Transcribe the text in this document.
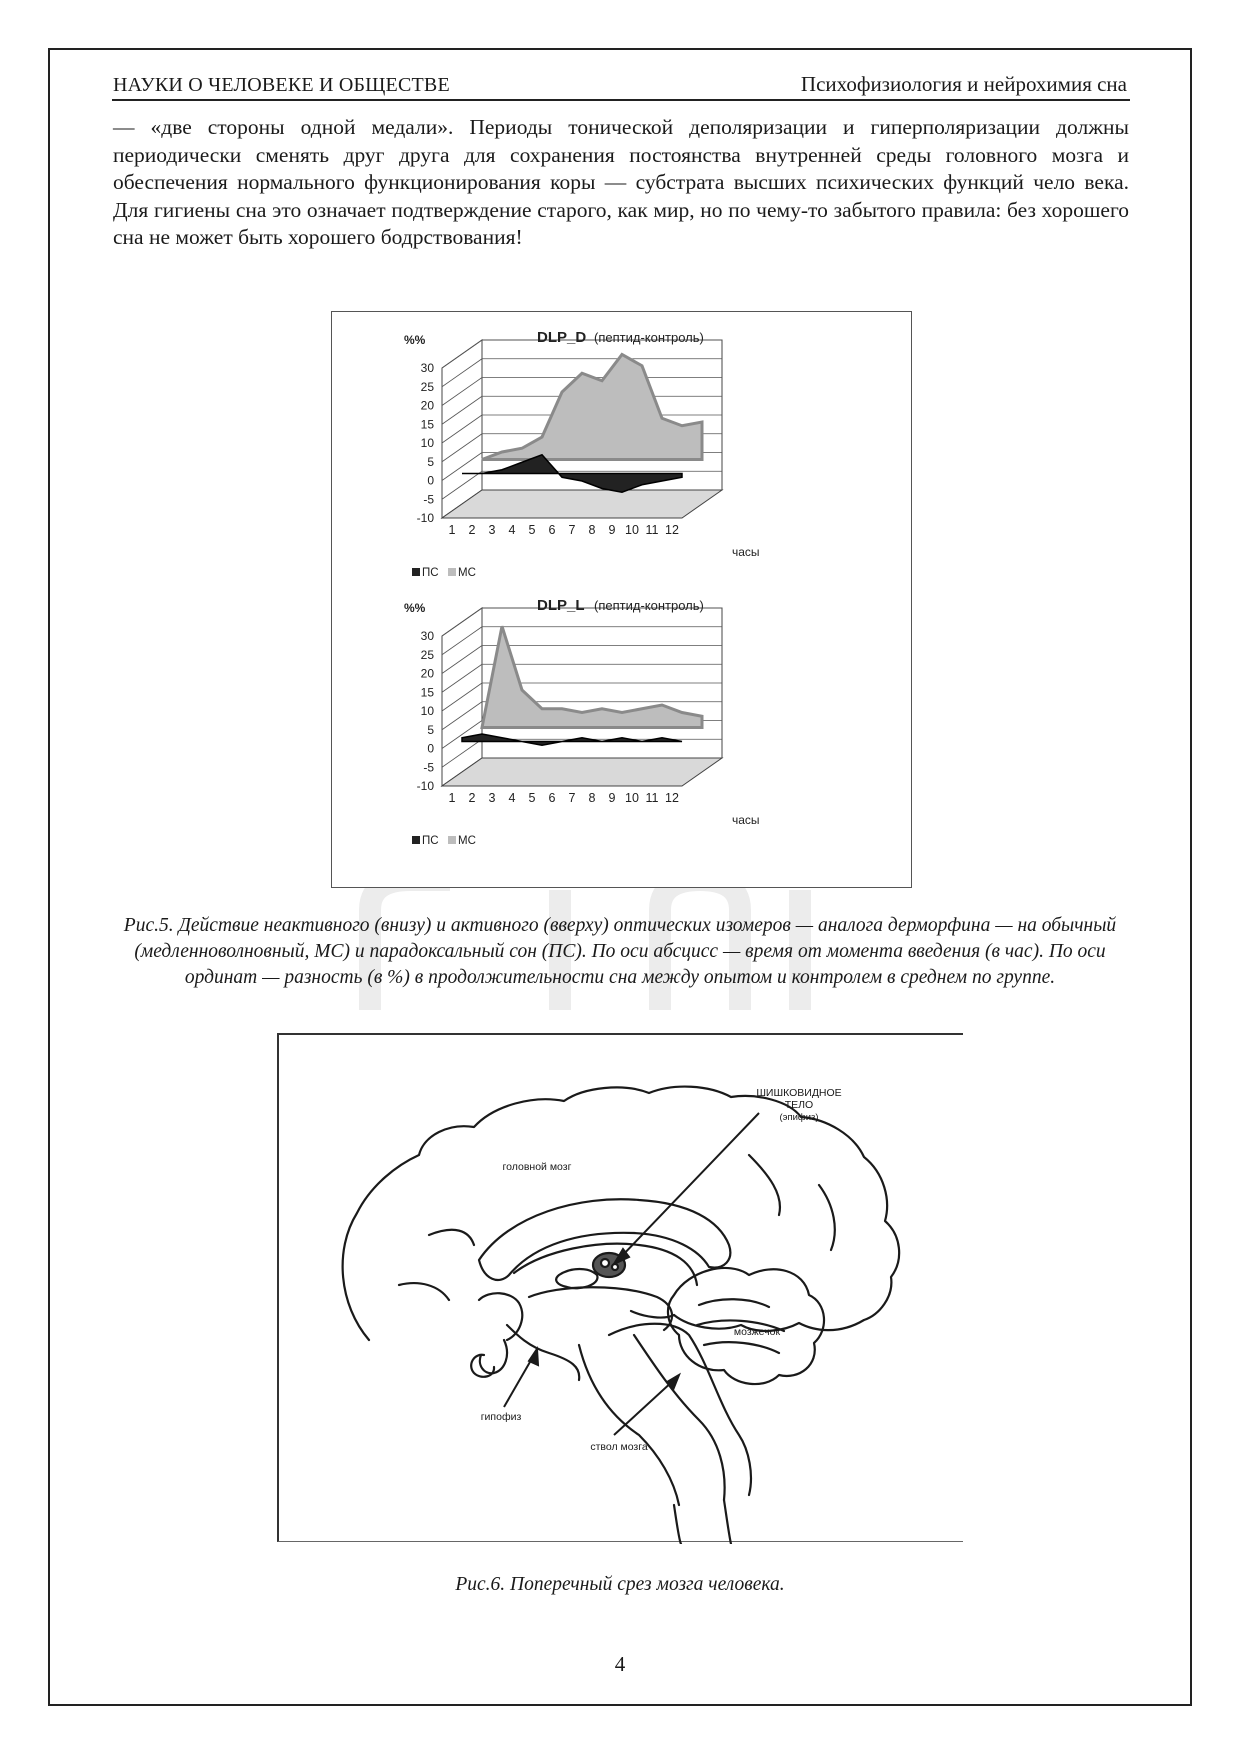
НАУКИ О ЧЕЛОВЕКЕ И ОБЩЕСТВЕ	Психофизиология и нейрохимия сна

— «две стороны одной медали». Периоды тонической деполяризации и гиперполяризации должны периодически сменять друг друга для сохранения постоянства внутренней среды головного мозга и обеспечения нормального функционирования коры — субстрата высших психических функций чело века. Для гигиены сна это означает подтверждение старого, как мир, но по чему-то забытого правила: без хорошего сна не может быть хорошего бодрствования!

30
25
20
15
10
5
0
-5
-10
1 2 3 4 5 6 7 8 9 10 11 12
DLP_D (пептид-контроль)
%%
часы
ПС МС
30
25
20
15
10
5
0
-5
-10
1 2 3 4 5 6 7 8 9 10 11 12
DLP_L (пептид-контроль)
%%
часы
ПС МС
Рис.5. Действие неактивного (внизу) и активного (вверху) оптических изомеров — аналога дерморфина — на обычный (медленноволновный, МС) и парадоксальный сон (ПС). По оси абсцисс — время от момента введения (в час). По оси ординат — разность (в %) в продолжительности сна между опытом и контролем в среднем по группе.
ШИШКОВИДНОЕ
ТЕЛО
(эпифиз)
головной мозг
мозжечок
гипофиз
ствол мозга
Рис.6. Поперечный срез мозга человека.
4
